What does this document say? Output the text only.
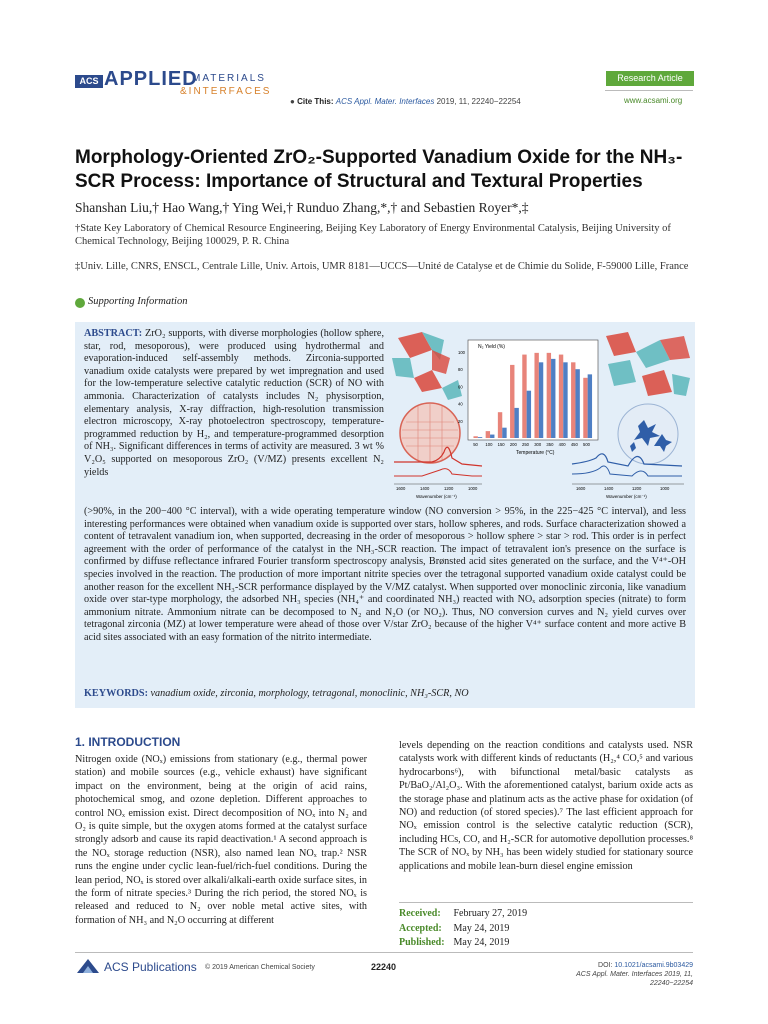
ACS APPLIED
MATERIALS
&INTERFACES
● Cite This: ACS Appl. Mater. Interfaces 2019, 11, 22240−22254
Research Article
www.acsami.org
Morphology-Oriented ZrO₂-Supported Vanadium Oxide for the NH₃-SCR Process: Importance of Structural and Textural Properties
Shanshan Liu,† Hao Wang,† Ying Wei,† Runduo Zhang,*,† and Sebastien Royer*,‡
†State Key Laboratory of Chemical Resource Engineering, Beijing Key Laboratory of Energy Environmental Catalysis, Beijing University of Chemical Technology, Beijing 100029, P. R. China
‡Univ. Lille, CNRS, ENSCL, Centrale Lille, Univ. Artois, UMR 8181—UCCS—Unité de Catalyse et de Chimie du Solide, F-59000 Lille, France
Supporting Information
ABSTRACT: ZrO₂ supports, with diverse morphologies (hollow sphere, star, rod, mesoporous), were produced using hydrothermal and evaporation-induced self-assembly methods. Zirconia-supported vanadium oxide catalysts were prepared by wet impregnation and used for the low-temperature selective catalytic reduction (SCR) of NO with ammonia. Characterization of catalysts includes N₂ physisorption, elementary analysis, X-ray diffraction, high-resolution transmission electron microscopy, X-ray photoelectron spectroscopy, temperature-programmed reduction by H₂, and temperature-programmed desorption of NH₃. Significant differences in terms of activity are measured. 3 wt % V₂O₅ supported on mesoporous ZrO₂ (V/MZ) presents excellent N₂ yields
(>90%, in the 200−400 °C interval), with a wide operating temperature window (NO conversion > 95%, in the 225−425 °C interval), and less interesting performances were obtained when vanadium oxide is supported over stars, hollow spheres, and rods. Surface characterization showed a content of tetravalent vanadium ion, when supported, decreasing in the order of mesoporous > hollow sphere > star > rod. This order is in perfect agreement with the order of performance of the catalyst in the NH₃-SCR reaction. The impact of tetravalent ion's presence on the surface is confirmed by diffuse reflectance infrared Fourier transform spectroscopy analysis, Brønsted acid sites generated on the surface, and the V⁴⁺-OH species involved in the reaction. The production of more important nitrite species over the tetragonal supported vanadium oxide catalyst could be another reason for the excellent NH₃-SCR performance displayed by the V/MZ catalyst. When supported over monoclinic zirconia, like vanadium oxide over star-type morphology, the adsorbed NH₃ species (NH₄⁺ and coordinated NH₃) reacted with NOₓ adsorption species (nitrate) to form ammonium nitrate. Ammonium nitrate can be decomposed to N₂ and N₂O (or NO₂). Thus, NO conversion curves and N₂ yield curves over tetragonal zirconia (MZ) at lower temperature were ahead of those over V/star ZrO₂ because of the higher V⁴⁺ surface content and more active B acid sites associated with an easy formation of the nitrito intermediate.
KEYWORDS: vanadium oxide, zirconia, morphology, tetragonal, monoclinic, NH₃-SCR, NO
N₂ Yield (%)
Temperature (°C)
50 100 150 200 250 300 350 400 450 500
20
40
60
80
100
1600	1400	1200	1000
Wavenumber (cm⁻¹)
1600	1400	1200	1000
Wavenumber (cm⁻¹)
1. INTRODUCTION
Nitrogen oxide (NOₓ) emissions from stationary (e.g., thermal power station) and mobile sources (e.g., vehicle exhaust) have significant impact on the environment, being at the origin of acid rains, photochemical smog, and ozone depletion. Different approaches to control NOₓ emission exist. Direct decomposition of NOₓ into N₂ and O₂ is quite simple, but the oxygen atoms formed at the catalyst surface strongly adsorb and cause its rapid deactivation.¹ A second approach is the NOₓ storage reduction (NSR), also named lean NOₓ trap.² NSR runs the engine under cyclic lean-fuel/rich-fuel conditions. During the lean period, NOₓ is stored over alkali/alkali-earth oxide surface sites, in the form of nitrate species.³ During the rich period, the stored NOₓ is released and reduced to N₂ over noble metal active sites, with formation of NH₃ and N₂O occurring at different
levels depending on the reaction conditions and catalysts used. NSR catalysts work with different kinds of reductants (H₂,⁴ CO,⁵ and various hydrocarbons⁶), with bifunctional metal/basic catalysts as Pt/BaO₂/Al₂O₃. With the aforementioned catalyst, barium oxide acts as the storage phase and platinum acts as the active phase for oxidation (of NO) and reduction (of stored species).⁷ The last efficient approach for NOₓ emission control is the selective catalytic reduction (SCR), including HCs, CO, and H₂-SCR for automotive depollution processes.⁸ The SCR of NOₓ by NH₃ has been widely studied for stationary source applications and mobile lean-burn diesel engine emission
Received: February 27, 2019
Accepted: May 24, 2019
Published: May 24, 2019
ACS Publications © 2019 American Chemical Society	22240	DOI: 10.1021/acsami.9b03429
ACS Appl. Mater. Interfaces 2019, 11, 22240−22254
